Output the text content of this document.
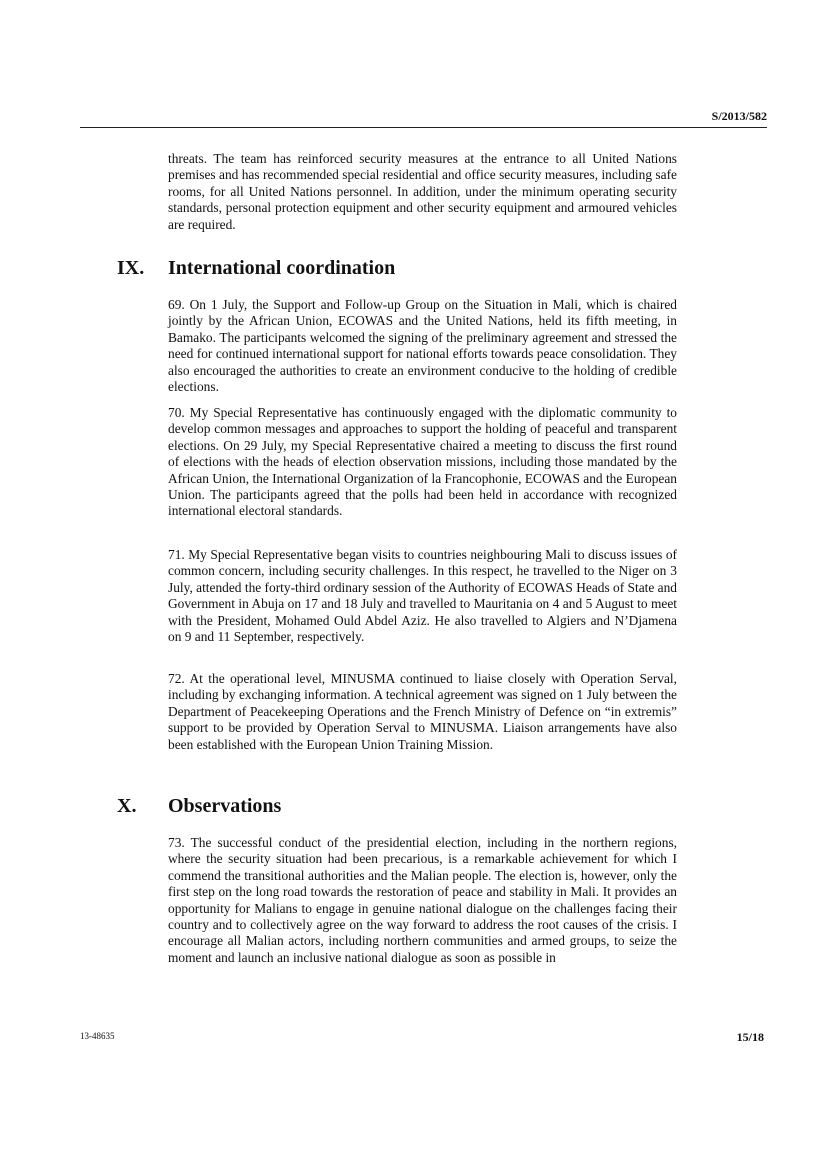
S/2013/582

threats. The team has reinforced security measures at the entrance to all United Nations premises and has recommended special residential and office security measures, including safe rooms, for all United Nations personnel. In addition, under the minimum operating security standards, personal protection equipment and other security equipment and armoured vehicles are required.

IX. International coordination

69. On 1 July, the Support and Follow-up Group on the Situation in Mali, which is chaired jointly by the African Union, ECOWAS and the United Nations, held its fifth meeting, in Bamako. The participants welcomed the signing of the preliminary agreement and stressed the need for continued international support for national efforts towards peace consolidation. They also encouraged the authorities to create an environment conducive to the holding of credible elections.

70. My Special Representative has continuously engaged with the diplomatic community to develop common messages and approaches to support the holding of peaceful and transparent elections. On 29 July, my Special Representative chaired a meeting to discuss the first round of elections with the heads of election observation missions, including those mandated by the African Union, the International Organization of la Francophonie, ECOWAS and the European Union. The participants agreed that the polls had been held in accordance with recognized international electoral standards.

71. My Special Representative began visits to countries neighbouring Mali to discuss issues of common concern, including security challenges. In this respect, he travelled to the Niger on 3 July, attended the forty-third ordinary session of the Authority of ECOWAS Heads of State and Government in Abuja on 17 and 18 July and travelled to Mauritania on 4 and 5 August to meet with the President, Mohamed Ould Abdel Aziz. He also travelled to Algiers and N’Djamena on 9 and 11 September, respectively.

72. At the operational level, MINUSMA continued to liaise closely with Operation Serval, including by exchanging information. A technical agreement was signed on 1 July between the Department of Peacekeeping Operations and the French Ministry of Defence on “in extremis” support to be provided by Operation Serval to MINUSMA. Liaison arrangements have also been established with the European Union Training Mission.

X. Observations

73. The successful conduct of the presidential election, including in the northern regions, where the security situation had been precarious, is a remarkable achievement for which I commend the transitional authorities and the Malian people. The election is, however, only the first step on the long road towards the restoration of peace and stability in Mali. It provides an opportunity for Malians to engage in genuine national dialogue on the challenges facing their country and to collectively agree on the way forward to address the root causes of the crisis. I encourage all Malian actors, including northern communities and armed groups, to seize the moment and launch an inclusive national dialogue as soon as possible in

13-48635	15/18
